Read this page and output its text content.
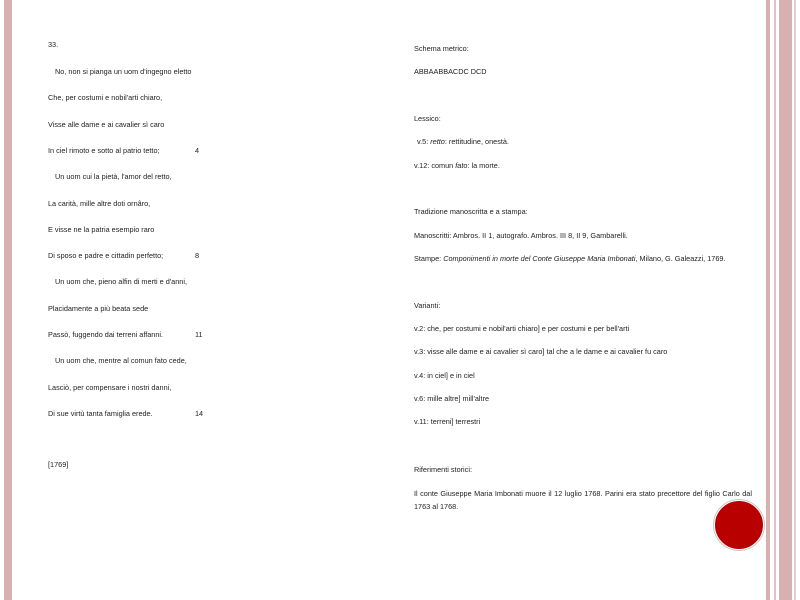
33.
No, non si pianga un uom d'ingegno eletto
Che, per costumi e nobil'arti chiaro,
Visse alle dame e ai cavalier sì caro
In ciel rimoto e sotto al patrio tetto;	4
Un uom cui la pietà, l'amor del retto,
La carità, mille altre doti ornâro,
E visse ne la patria esempio raro
Di sposo e padre e cittadin perfetto;	8
Un uom che, pieno alfin di merti e d'anni,
Placidamente a più beata sede
Passò, fuggendo dai terreni affanni.	11
Un uom che, mentre al comun fato cede,
Lasciò, per compensare i nostri danni,
Di sue virtù tanta famiglia erede.	14
[1769]
Schema metrico:
ABBAABBACDC DCD
Lessico:
v.5: retto: rettitudine, onestà.
v.12: comun fato: la morte.
Tradizione manoscritta e a stampa:
Manoscritti: Ambros. II 1, autografo. Ambros. III 8, II 9, Gambarelli.
Stampe: Componimenti in morte del Conte Giuseppe Maria Imbonati, Milano, G. Galeazzi, 1769.
Varianti:
v.2: che, per costumi e nobil'arti chiaro] e per costumi e per bell'arti
v.3: visse alle dame e ai cavalier sì caro] tal che a le dame e ai cavalier fu caro
v.4: in ciel] e in ciel
v.6: mille altre] mill'altre
v.11: terreni] terrestri
Riferimenti storici:
Il conte Giuseppe Maria Imbonati muore il 12 luglio 1768. Parini era stato precettore del figlio Carlo dal 1763 al 1768.
